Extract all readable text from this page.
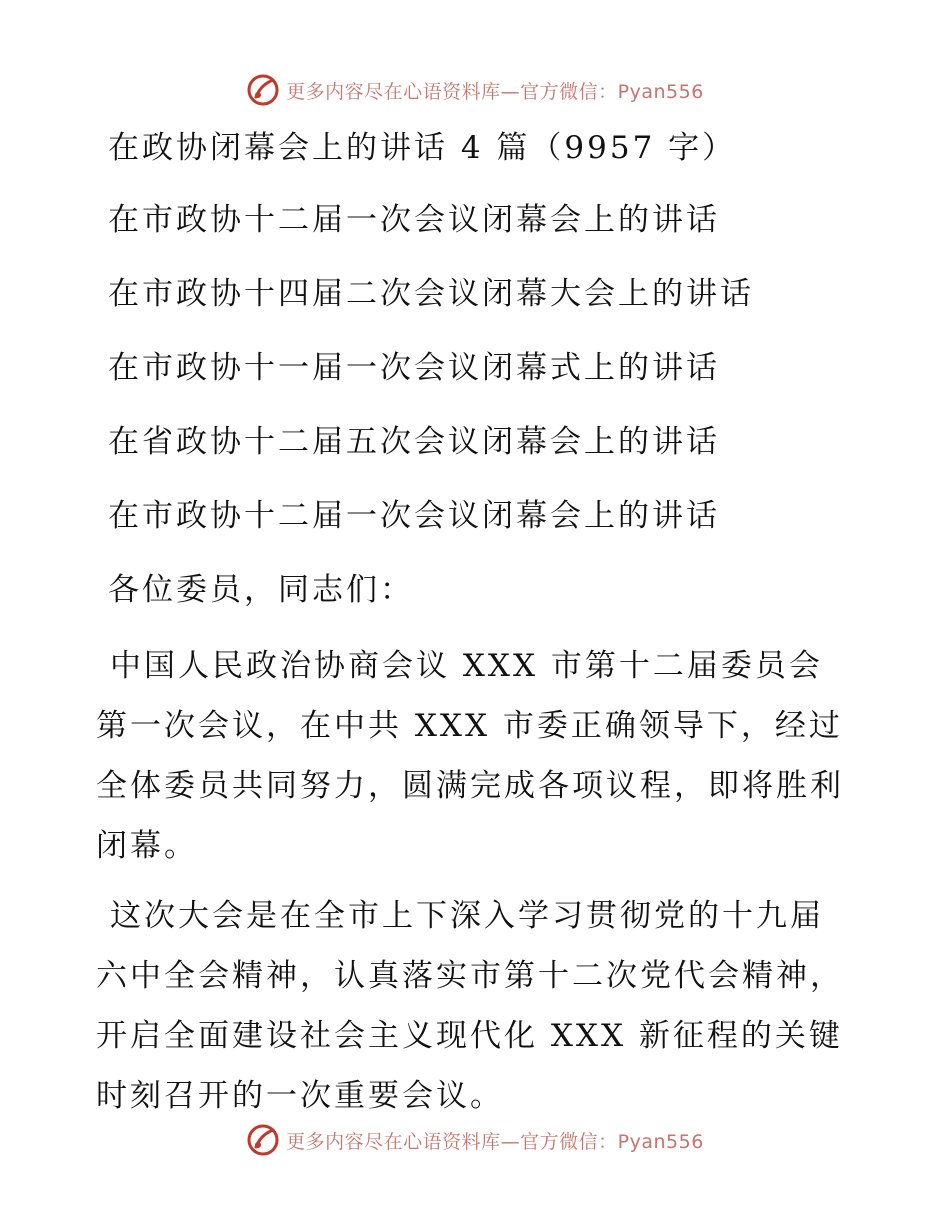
更多内容尽在心语资料库—官方微信：Pyan556
在政协闭幕会上的讲话 4 篇（9957 字）
在市政协十二届一次会议闭幕会上的讲话
在市政协十四届二次会议闭幕大会上的讲话
在市政协十一届一次会议闭幕式上的讲话
在省政协十二届五次会议闭幕会上的讲话
在市政协十二届一次会议闭幕会上的讲话
各位委员，同志们：
中国人民政治协商会议 XXX 市第十二届委员会第一次会议，在中共 XXX 市委正确领导下，经过全体委员共同努力，圆满完成各项议程，即将胜利闭幕。
这次大会是在全市上下深入学习贯彻党的十九届六中全会精神，认真落实市第十二次党代会精神，开启全面建设社会主义现代化 XXX 新征程的关键时刻召开的一次重要会议。
更多内容尽在心语资料库—官方微信：Pyan556
